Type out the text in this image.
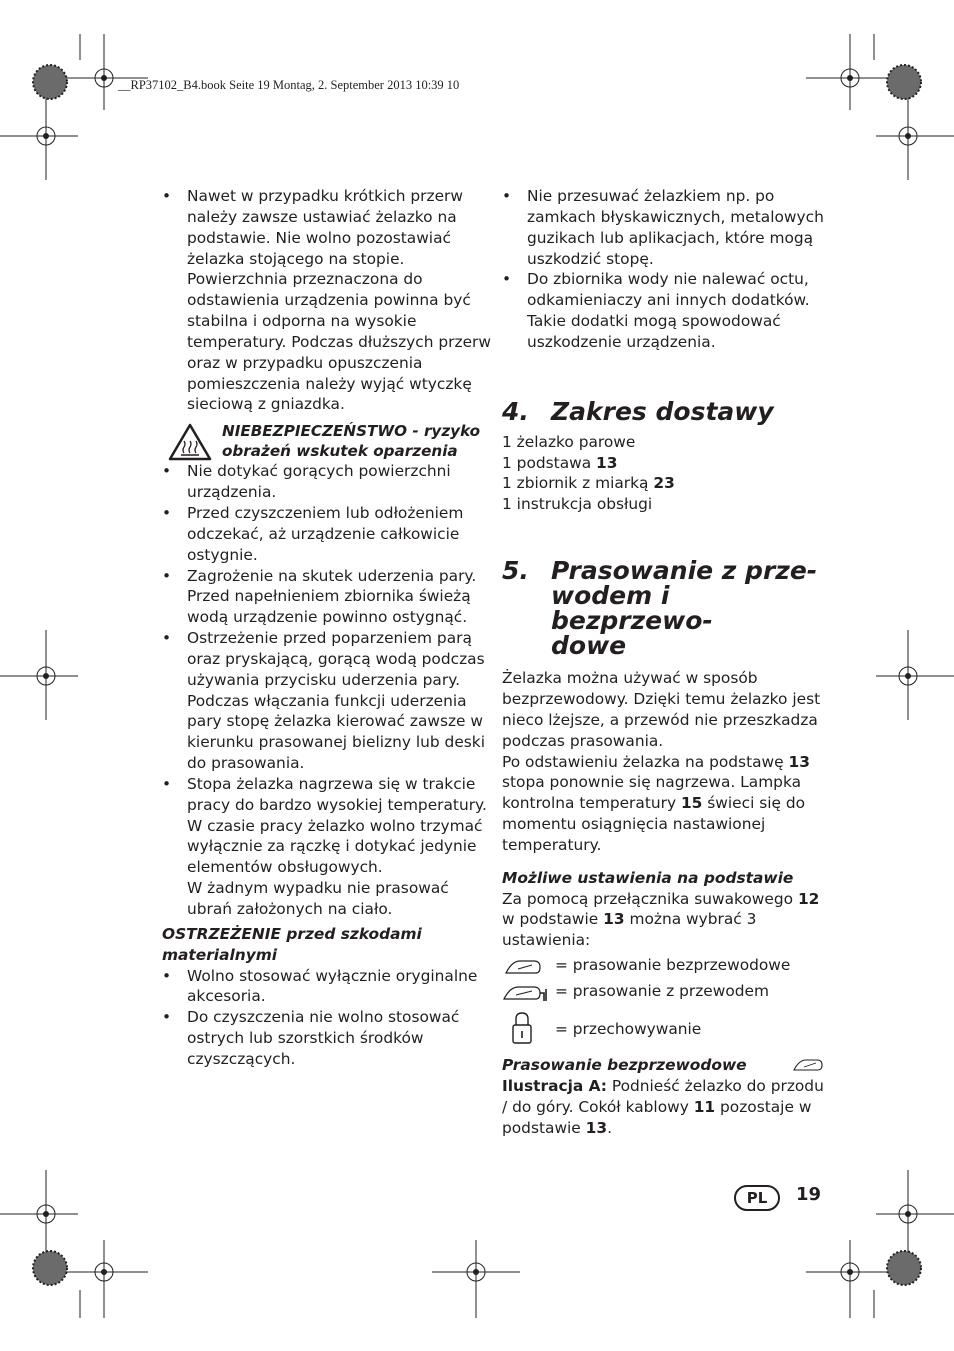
__RP37102_B4.book Seite 19 Montag, 2. September 2013 10:39 10
• Nawet w przypadku krótkich przerw należy zawsze ustawiać żelazko na podstawie. Nie wolno pozostawiać żelazka stojącego na stopie. Powierzchnia przeznaczona do odstawienia urządzenia powinna być stabilna i odporna na wysokie temperatury. Podczas dłuższych przerw oraz w przypadku opuszczenia pomieszczenia należy wyjąć wtyczkę sieciową z gniazdka.
NIEBEZPIECZEŃSTWO - ryzyko obrażeń wskutek oparzenia
• Nie dotykać gorących powierzchni urządzenia.
• Przed czyszczeniem lub odłożeniem odczekać, aż urządzenie całkowicie ostygnie.
• Zagrożenie na skutek uderzenia pary. Przed napełnieniem zbiornika świeżą wodą urządzenie powinno ostygnąć.
• Ostrzeżenie przed poparzeniem parą oraz pryskającą, gorącą wodą podczas używania przycisku uderzenia pary. Podczas włączania funkcji uderzenia pary stopę żelazka kierować zawsze w kierunku prasowanej bielizny lub deski do prasowania.
• Stopa żelazka nagrzewa się w trakcie pracy do bardzo wysokiej temperatury. W czasie pracy żelazko wolno trzymać wyłącznie za rączkę i dotykać jedynie elementów obsługowych.
W żadnym wypadku nie prasować ubrań założonych na ciało.
OSTRZEŻENIE przed szkodami materialnymi
• Wolno stosować wyłącznie oryginalne akcesoria.
• Do czyszczenia nie wolno stosować ostrych lub szorstkich środków czyszczących.
• Nie przesuwać żelazkiem np. po zamkach błyskawicznych, metalowych guzikach lub aplikacjach, które mogą uszkodzić stopę.
• Do zbiornika wody nie nalewać octu, odkamieniaczy ani innych dodatków. Takie dodatki mogą spowodować uszkodzenie urządzenia.
4. Zakres dostawy
1 żelazko parowe
1 podstawa 13
1 zbiornik z miarką 23
1 instrukcja obsługi
5. Prasowanie z prze-
wodem i bezprzewo-
dowe

Żelazka można używać w sposób bezprzewodowy. Dzięki temu żelazko jest nieco lżejsze, a przewód nie przeszkadza podczas prasowania.

Po odstawieniu żelazka na podstawę 13 stopa ponownie się nagrzewa. Lampka kontrolna temperatury 15 świeci się do momentu osiągnięcia nastawionej temperatury.

Możliwe ustawienia na podstawie

Za pomocą przełącznika suwakowego 12 w podstawie 13 można wybrać 3 ustawienia:

= prasowanie bezprzewodowe
= prasowanie z przewodem
= przechowywanie
Prasowanie bezprzewodowe

Ilustracja A: Podnieść żelazko do przodu / do góry. Cokół kablowy 11 pozostaje w podstawie 13.

PL	19
